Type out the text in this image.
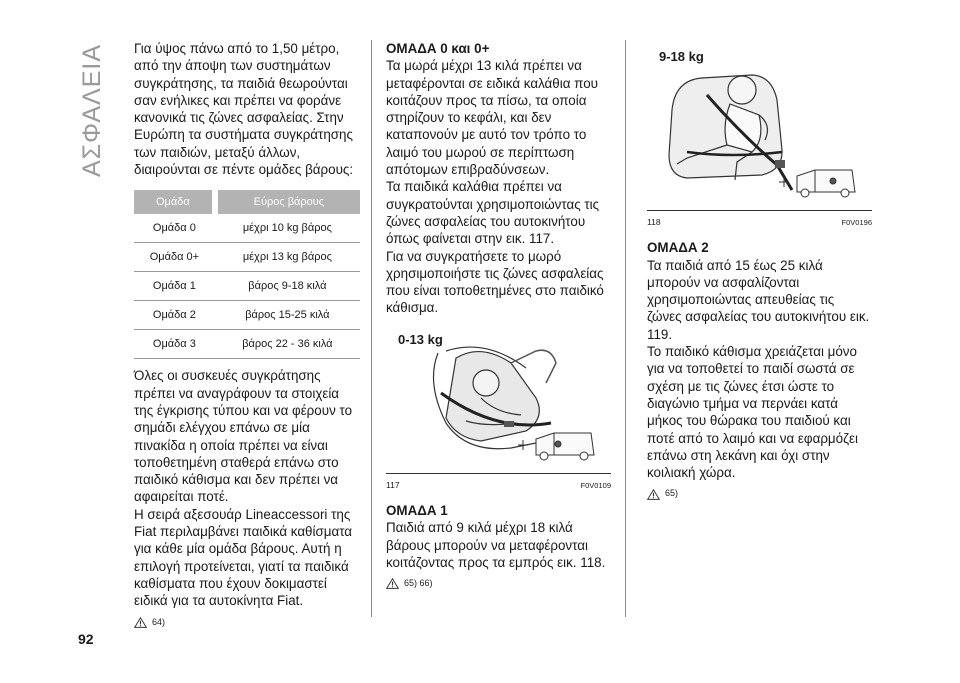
ΑΣΦΑΛΕΙΑ
92

Για ύψος πάνω από το 1,50 μέτρο, από την άποψη των συστημάτων συγκράτησης, τα παιδιά θεωρούνται σαν ενήλικες και πρέπει να φοράνε κανονικά τις ζώνες ασφαλείας. Στην Ευρώπη τα συστήματα συγκράτησης των παιδιών, μεταξύ άλλων, διαιρούνται σε πέντε ομάδες βάρους:

Ομάδα	Εύρος βάρους
Ομάδα 0	μέχρι 10 kg βάρος
Ομάδα 0+	μέχρι 13 kg βάρος
Ομάδα 1	βάρος 9-18 κιλά
Ομάδα 2	βάρος 15-25 κιλά
Ομάδα 3	βάρος 22 - 36 κιλά

Όλες οι συσκευές συγκράτησης πρέπει να αναγράφουν τα στοιχεία της έγκρισης τύπου και να φέρουν το σημάδι ελέγχου επάνω σε μία πινακίδα η οποία πρέπει να είναι τοποθετημένη σταθερά επάνω στο παιδικό κάθισμα και δεν πρέπει να αφαιρείται ποτέ.

Η σειρά αξεσουάρ Lineaccessori της Fiat περιλαμβάνει παιδικά καθίσματα για κάθε μία ομάδα βάρους. Αυτή η επιλογή προτείνεται, γιατί τα παιδικά καθίσματα που έχουν δοκιμαστεί ειδικά για τα αυτοκίνητα Fiat.

64)
ΟΜΑΔΑ 0 και 0+

Τα μωρά μέχρι 13 κιλά πρέπει να μεταφέρονται σε ειδικά καλάθια που κοιτάζουν προς τα πίσω, τα οποία στηρίζουν το κεφάλι, και δεν καταπονούν με αυτό τον τρόπο το λαιμό του μωρού σε περίπτωση απότομων επιβραδύνσεων.

Τα παιδικά καλάθια πρέπει να συγκρατούνται χρησιμοποιώντας τις ζώνες ασφαλείας του αυτοκινήτου όπως φαίνεται στην εικ. 117.

Για να συγκρατήσετε το μωρό χρησιμοποιήστε τις ζώνες ασφαλείας που είναι τοποθετημένες στο παιδικό κάθισμα.

0-13 kg
117	F0V0109
ΟΜΑΔΑ 1

Παιδιά από 9 κιλά μέχρι 18 κιλά βάρους μπορούν να μεταφέρονται κοιτάζοντας προς τα εμπρός εικ. 118.

65) 66)
9-18 kg
118	F0V0196
ΟΜΑΔΑ 2

Τα παιδιά από 15 έως 25 κιλά μπορούν να ασφαλίζονται χρησιμοποιώντας απευθείας τις ζώνες ασφαλείας του αυτοκινήτου εικ. 119.

Το παιδικό κάθισμα χρειάζεται μόνο για να τοποθετεί το παιδί σωστά σε σχέση με τις ζώνες έτσι ώστε το διαγώνιο τμήμα να περνάει κατά μήκος του θώρακα του παιδιού και ποτέ από το λαιμό και να εφαρμόζει επάνω στη λεκάνη και όχι στην κοιλιακή χώρα.

65)
